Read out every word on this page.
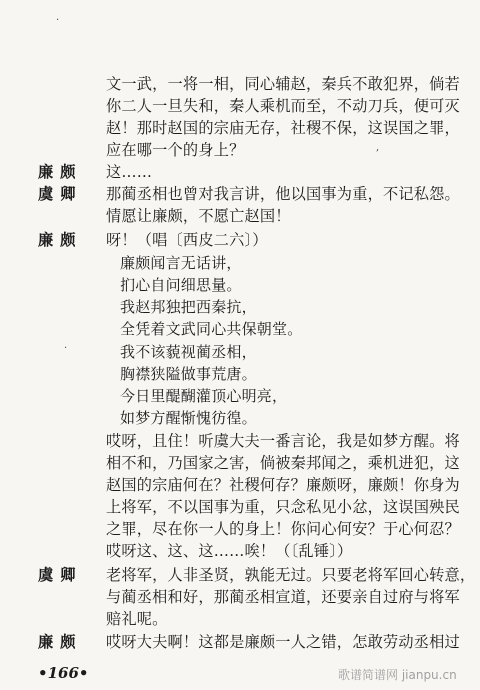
.
,
.
文一武，一将一相，同心辅赵，秦兵不敢犯界，倘若
你二人一旦失和，秦人乘机而至，不动刀兵，便可灭
赵！那时赵国的宗庙无存，社稷不保，这误国之罪，
应在哪一个的身上？
廉颇 这……
虞卿 那蔺丞相也曾对我言讲，他以国事为重，不记私怨。
情愿让廉颇，不愿亡赵国！
廉颇 呀！（唱〔西皮二六〕）
廉颇闻言无话讲，
扪心自问细思量。
我赵邦独把西秦抗，
全凭着文武同心共保朝堂。
我不该藐视蔺丞相，
胸襟狭隘做事荒唐。
今日里醍醐灌顶心明亮，
如梦方醒惭愧彷徨。
哎呀，且住！听虞大夫一番言论，我是如梦方醒。将
相不和，乃国家之害，倘被秦邦闻之，乘机进犯，这
赵国的宗庙何在？社稷何存？廉颇呀，廉颇！你身为
上将军，不以国事为重，只念私见小忿，这误国殃民
之罪，尽在你一人的身上！你问心何安？于心何忍？
哎呀这、这、这……唉！（〔乱锤〕）
虞卿 老将军，人非圣贤，孰能无过。只要老将军回心转意，
与蔺丞相和好，那蔺丞相宣道，还要亲自过府与将军
赔礼呢。
廉颇 哎呀大夫啊！这都是廉颇一人之错，怎敢劳动丞相过
•166•	歌谱简谱网 jianpu.cn
